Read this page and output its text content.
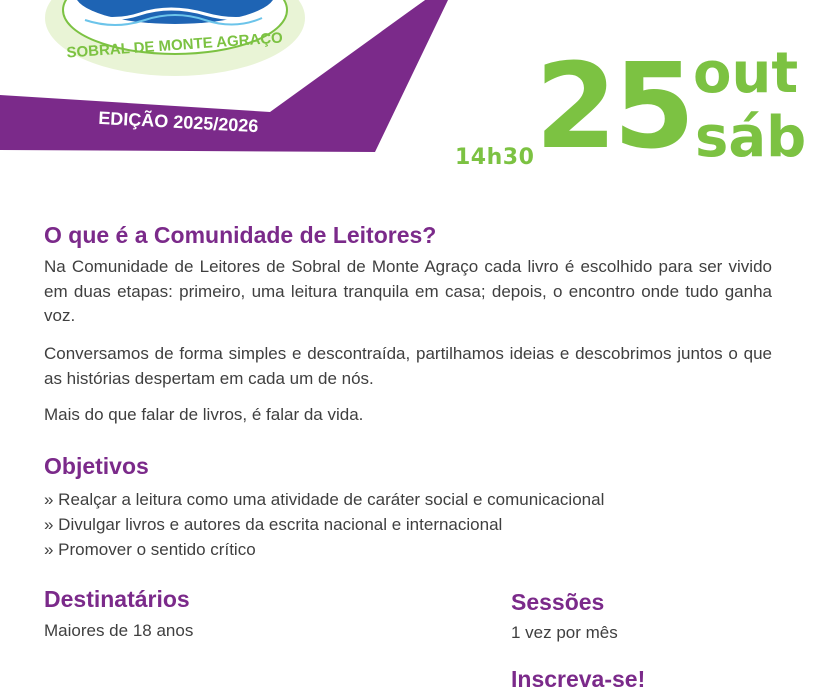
SOBRAL DE MONTE AGRAÇO
EDIÇÃO 2025/2026
14h30 25 out
sáb
O que é a Comunidade de Leitores?

Na Comunidade de Leitores de Sobral de Monte Agraço cada livro é escolhido para ser vivido em duas etapas: primeiro, uma leitura tranquila em casa; depois, o encontro onde tudo ganha voz.

Conversamos de forma simples e descontraída, partilhamos ideias e descobrimos juntos o que as histórias despertam em cada um de nós.

Mais do que falar de livros, é falar da vida.

Objetivos
» Realçar a leitura como uma atividade de caráter social e comunicacional
» Divulgar livros e autores da escrita nacional e internacional
» Promover o sentido crítico
Destinatários

Maiores de 18 anos

Sessões

1 vez por mês

Inscreva-se!
